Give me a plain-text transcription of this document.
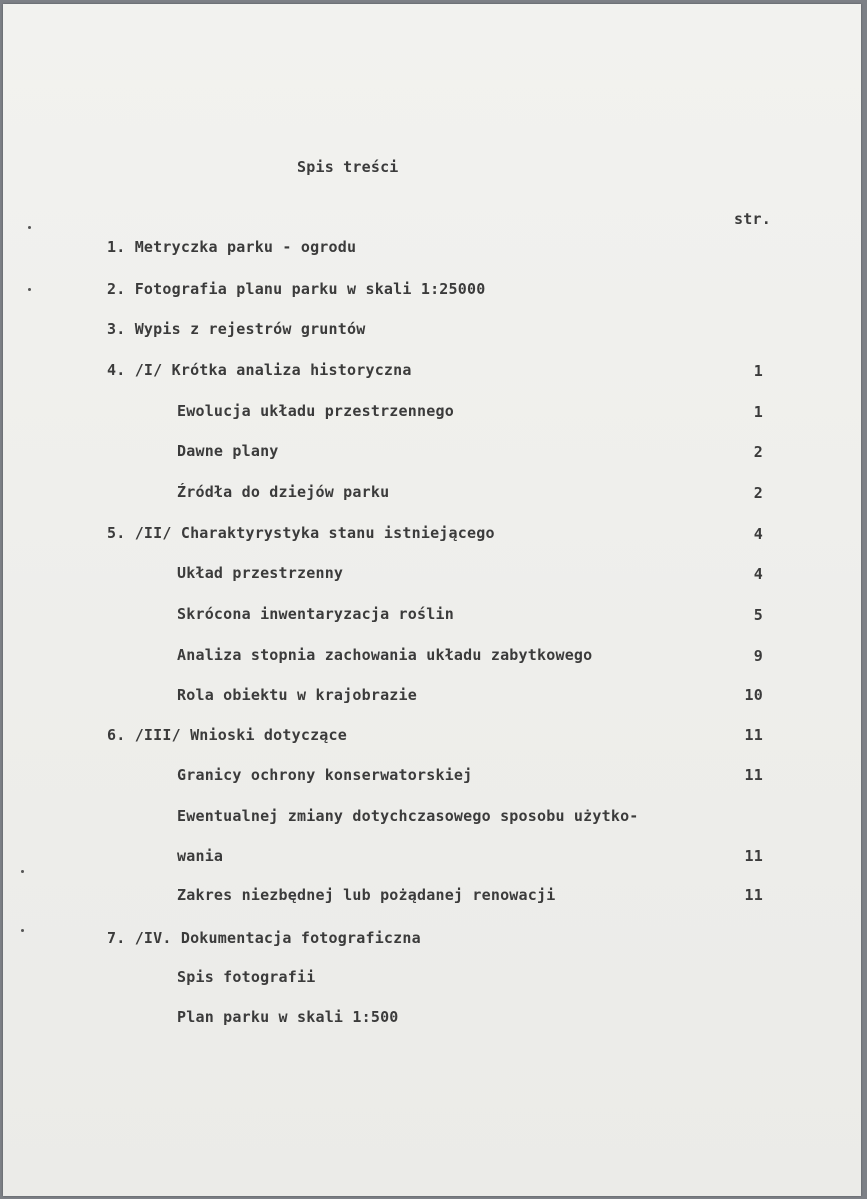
Spis treści
str.
1. Metryczka parku - ogrodu
2. Fotografia planu parku w skali 1:25000
3. Wypis z rejestrów gruntów
4. /I/ Krótka analiza historyczna	1
Ewolucja układu przestrzennego	1
Dawne plany	2
Źródła do dziejów parku	2
5. /II/ Charaktyrystyka stanu istniejącego	4
Układ przestrzenny	4
Skrócona inwentaryzacja roślin	5
Analiza stopnia zachowania układu zabytkowego	9
Rola obiektu w krajobrazie	10
6. /III/ Wnioski dotyczące	11
Granicy ochrony konserwatorskiej	11
Ewentualnej zmiany dotychczasowego sposobu użytko-
wania	11
Zakres niezbędnej lub pożądanej renowacji	11
7. /IV. Dokumentacja fotograficzna
Spis fotografii
Plan parku w skali 1:500
